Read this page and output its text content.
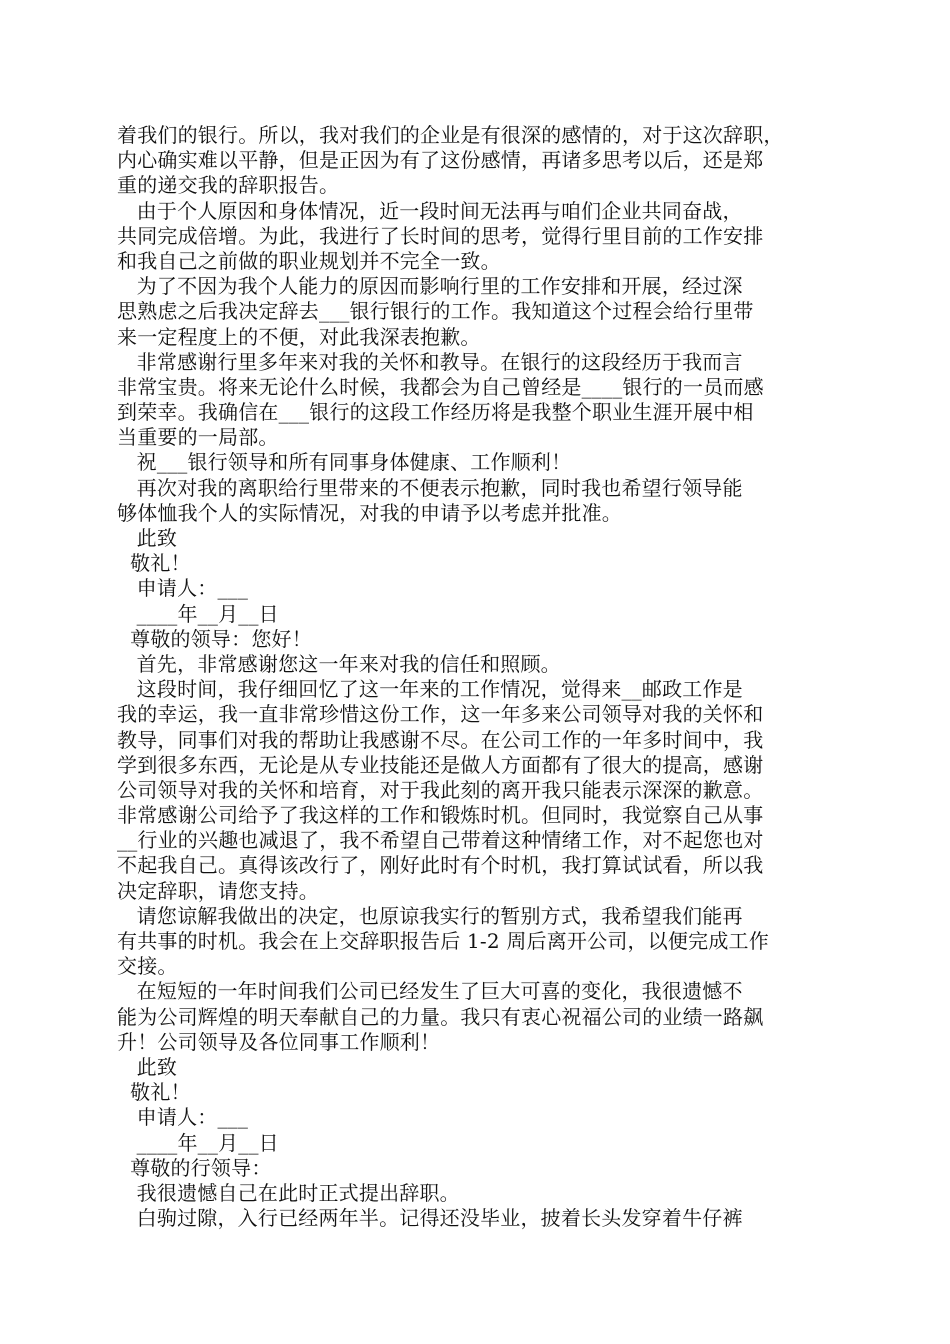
着我们的银行。所以，我对我们的企业是有很深的感情的，对于这次辞职，
内心确实难以平静，但是正因为有了这份感情，再诸多思考以后，还是郑
重的递交我的辞职报告。
由于个人原因和身体情况，近一段时间无法再与咱们企业共同奋战，
共同完成倍增。为此，我进行了长时间的思考，觉得行里目前的工作安排
和我自己之前做的职业规划并不完全一致。
为了不因为我个人能力的原因而影响行里的工作安排和开展，经过深
思熟虑之后我决定辞去___银行银行的工作。我知道这个过程会给行里带
来一定程度上的不便，对此我深表抱歉。
非常感谢行里多年来对我的关怀和教导。在银行的这段经历于我而言
非常宝贵。将来无论什么时候，我都会为自己曾经是____银行的一员而感
到荣幸。我确信在___银行的这段工作经历将是我整个职业生涯开展中相
当重要的一局部。
祝___银行领导和所有同事身体健康、工作顺利！
再次对我的离职给行里带来的不便表示抱歉，同时我也希望行领导能
够体恤我个人的实际情况，对我的申请予以考虑并批准。
此致
敬礼！
申请人：___
____年__月__日
尊敬的领导：您好！
首先，非常感谢您这一年来对我的信任和照顾。
这段时间，我仔细回忆了这一年来的工作情况，觉得来__邮政工作是
我的幸运，我一直非常珍惜这份工作，这一年多来公司领导对我的关怀和
教导，同事们对我的帮助让我感谢不尽。在公司工作的一年多时间中，我
学到很多东西，无论是从专业技能还是做人方面都有了很大的提高，感谢
公司领导对我的关怀和培育，对于我此刻的离开我只能表示深深的歉意。
非常感谢公司给予了我这样的工作和锻炼时机。但同时，我觉察自己从事
__行业的兴趣也减退了，我不希望自己带着这种情绪工作，对不起您也对
不起我自己。真得该改行了，刚好此时有个时机，我打算试试看，所以我
决定辞职，请您支持。
请您谅解我做出的决定，也原谅我实行的暂别方式，我希望我们能再
有共事的时机。我会在上交辞职报告后 1-2 周后离开公司，以便完成工作
交接。
在短短的一年时间我们公司已经发生了巨大可喜的变化，我很遗憾不
能为公司辉煌的明天奉献自己的力量。我只有衷心祝福公司的业绩一路飙
升！公司领导及各位同事工作顺利！
此致
敬礼！
申请人：___
____年__月__日
尊敬的行领导：
我很遗憾自己在此时正式提出辞职。
白驹过隙，入行已经两年半。记得还没毕业，披着长头发穿着牛仔裤
